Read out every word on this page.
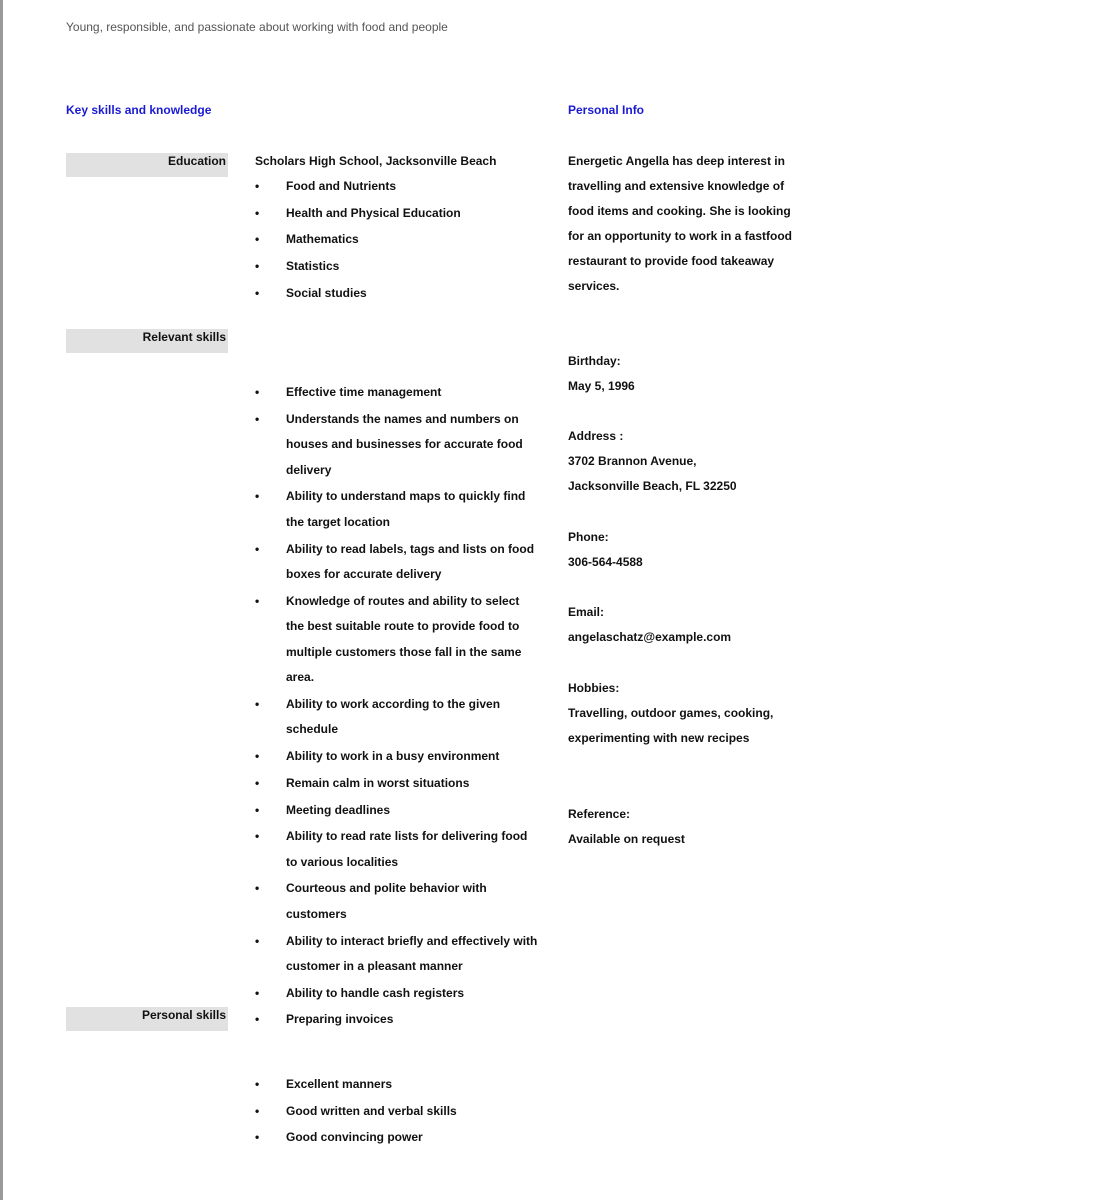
Young, responsible, and passionate about working with food and people
Key skills and knowledge	Personal Info
Education
Relevant skills
Personal skills

Scholars High School, Jacksonville Beach

• Food and Nutrients
• Health and Physical Education
• Mathematics
• Statistics
• Social studies
• Effective time management
• Understands the names and numbers on houses and businesses for accurate food delivery
• Ability to understand maps to quickly find the target location
• Ability to read labels, tags and lists on food boxes for accurate delivery
• Knowledge of routes and ability to select the best suitable route to provide food to multiple customers those fall in the same area.
• Ability to work according to the given schedule
• Ability to work in a busy environment
• Remain calm in worst situations
• Meeting deadlines
• Ability to read rate lists for delivering food to various localities
• Courteous and polite behavior with customers
• Ability to interact briefly and effectively with customer in a pleasant manner
• Ability to handle cash registers
• Preparing invoices
• Excellent manners
• Good written and verbal skills
• Good convincing power

Energetic Angella has deep interest in travelling and extensive knowledge of food items and cooking. She is looking for an opportunity to work in a fastfood restaurant to provide food takeaway services.

Birthday:
May 5, 1996
Address :
3702 Brannon Avenue,
Jacksonville Beach, FL 32250
Phone:
306-564-4588
Email:
angelaschatz@example.com
Hobbies:
Travelling, outdoor games, cooking, experimenting with new recipes
Reference:
Available on request
